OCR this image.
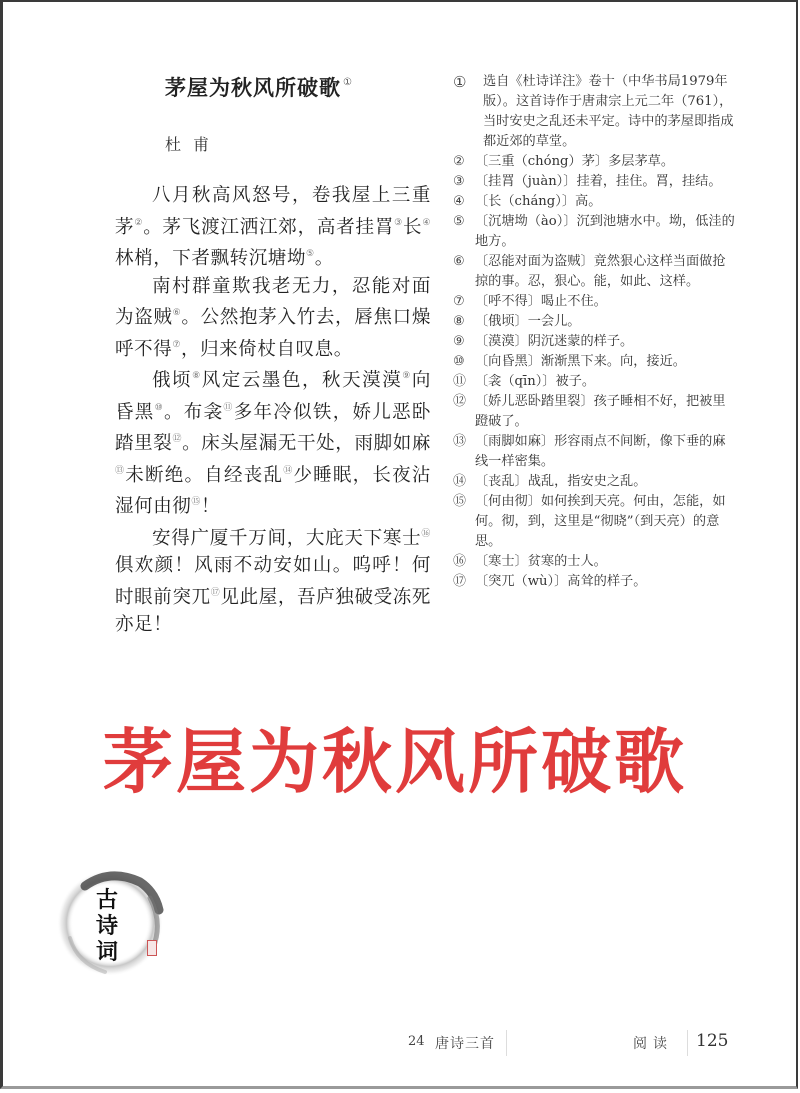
茅屋为秋风所破歌 ①
杜甫

八月秋高风怒号，卷我屋上三重茅②。茅飞渡江洒江郊，高者挂罥③长④林梢，下者飘转沉塘坳⑤。

南村群童欺我老无力，忍能对面为盗贼⑥。公然抱茅入竹去，唇焦口燥呼不得⑦，归来倚杖自叹息。

俄顷⑧风定云墨色，秋天漠漠⑨向昏黑⑩。布衾⑪多年冷似铁，娇儿恶卧踏里裂⑫。床头屋漏无干处，雨脚如麻⑬未断绝。自经丧乱⑭少睡眠，长夜沾湿何由彻⑮！

安得广厦千万间，大庇天下寒士⑯俱欢颜！风雨不动安如山。呜呼！何时眼前突兀⑰见此屋，吾庐独破受冻死亦足！

①	选自《杜诗详注》卷十（中华书局1979年版）。这首诗作于唐肃宗上元二年（761），当时安史之乱还未平定。诗中的茅屋即指成都近郊的草堂。
② 〔三重（chóng）茅〕多层茅草。
③ 〔挂罥（juàn）〕挂着，挂住。罥，挂结。
④ 〔长（cháng）〕高。
⑤ 〔沉塘坳（ào）〕沉到池塘水中。坳，低洼的地方。
⑥ 〔忍能对面为盗贼〕竟然狠心这样当面做抢掠的事。忍，狠心。能，如此、这样。
⑦ 〔呼不得〕喝止不住。
⑧ 〔俄顷〕一会儿。
⑨ 〔漠漠〕阴沉迷蒙的样子。
⑩ 〔向昏黑〕渐渐黑下来。向，接近。
⑪ 〔衾（qīn）〕被子。
⑫ 〔娇儿恶卧踏里裂〕孩子睡相不好，把被里蹬破了。
⑬ 〔雨脚如麻〕形容雨点不间断，像下垂的麻线一样密集。
⑭ 〔丧乱〕战乱，指安史之乱。
⑮ 〔何由彻〕如何挨到天亮。何由，怎能，如何。彻，到，这里是“彻晓”（到天亮）的意思。
⑯ 〔寒士〕贫寒的士人。
⑰ 〔突兀（wù）〕高耸的样子。
茅屋为秋风所破歌
古诗词
24 唐诗三首	阅读 125
